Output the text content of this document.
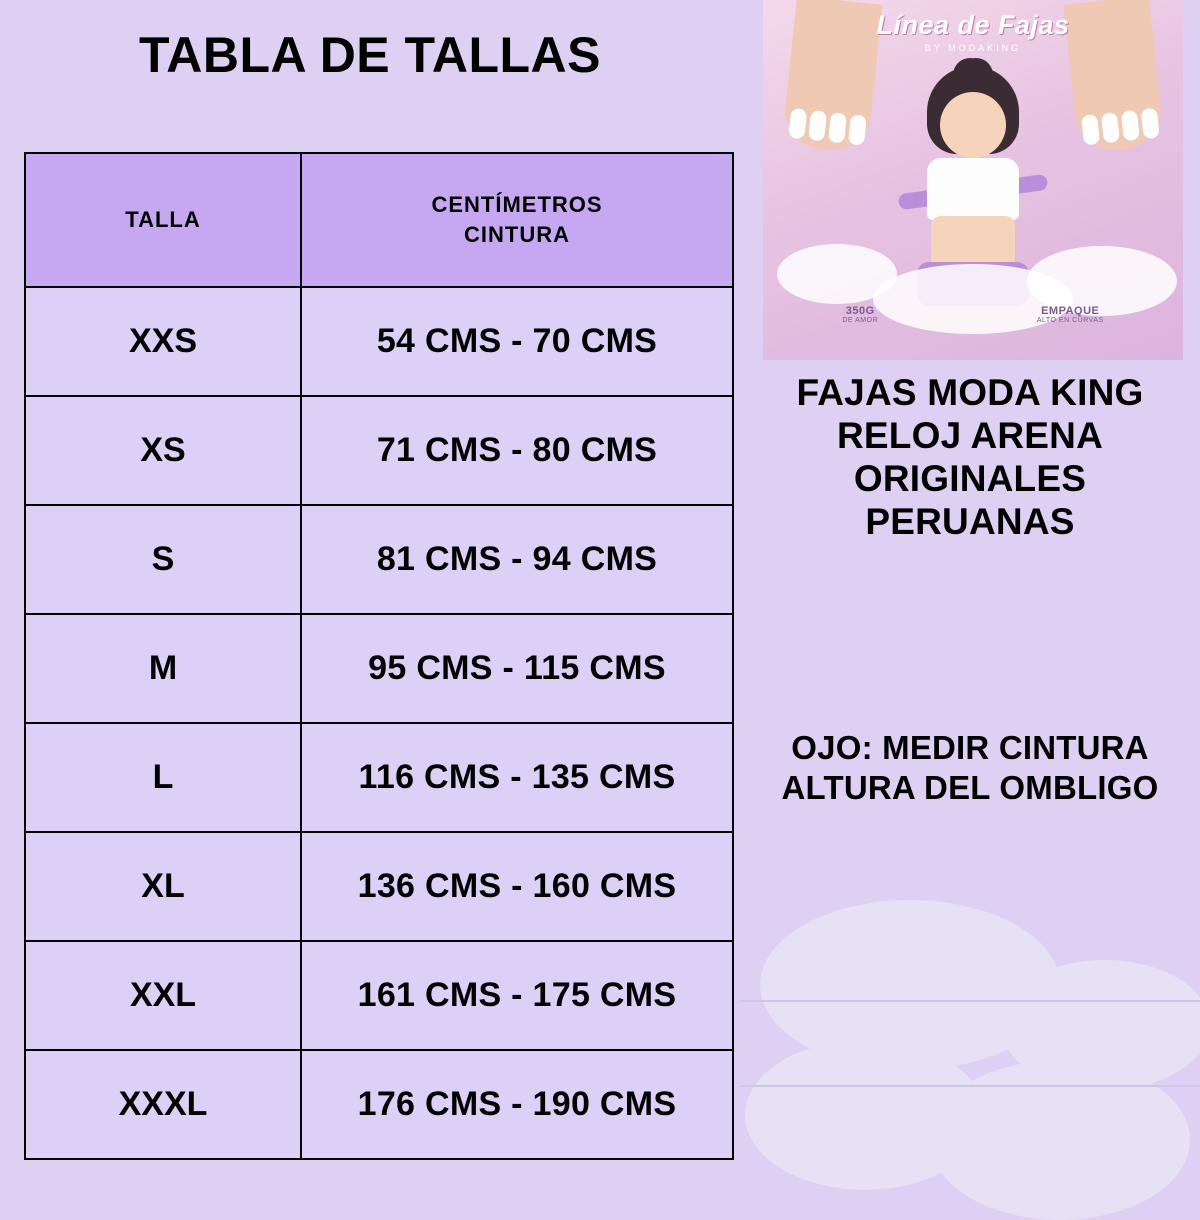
TABLA DE TALLAS
TALLA	CENTÍMETROS
CINTURA

XXS	54 CMS - 70 CMS
XS	71 CMS - 80 CMS
S	81 CMS - 94 CMS
M	95 CMS - 115 CMS
L	116 CMS - 135 CMS
XL	136 CMS - 160 CMS
XXL	161 CMS - 175 CMS
XXXL	176 CMS - 190 CMS
Línea de Fajas
BY MODAKING
350G
DE AMOR
EMPAQUE
ALTO EN CURVAS
FAJAS MODA KING
RELOJ ARENA
ORIGINALES
PERUANAS
OJO: MEDIR CINTURA
ALTURA DEL OMBLIGO
